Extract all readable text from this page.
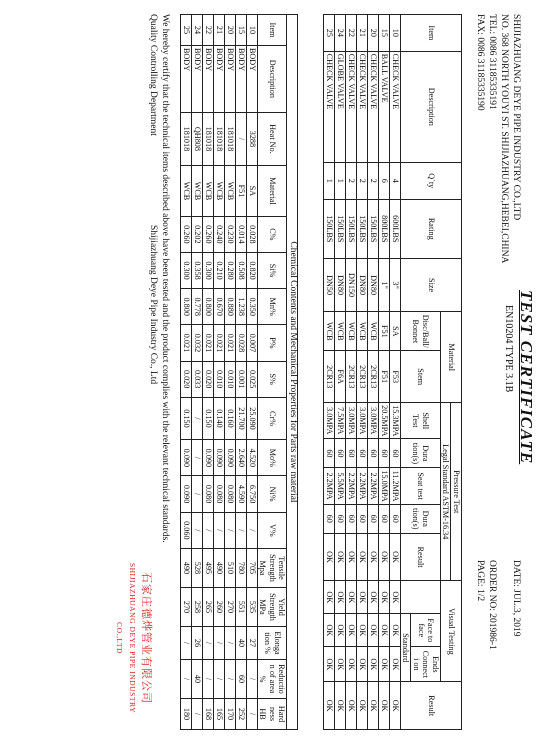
TEST CERTIFICATE
EN10204 TYPE 3.1B
SHIJIAZHUANG DEYE PIPE INDUSTRY CO.,LTD
NO. 368 NORTH YOUYI ST. SHIJIAZHUANG,HEBEI,CHINA
TEL: 0086 31185335191
FAX: 0086 31185335190
DATE: JUL.3, 2019
ORDER NO: 201986-1
PAGE: 1/2
Item	Description	Q`ty	Rating	Size	Material		Pressure Test					Visual Testing			Result
							Legal Standard ASTM-16.34								
					Disc/Ball/ Bonnet	Stem	Shell Test	Dura tion(s)	Seat test	Dura tion(s)	Result		Face to face	Ends Connect i on	
													Standard		
10	CHECK VALVE	4	600LBS	3"	SA	F53	15.3MPA	60	11.2MPA	60	OK	OK	OK	OK	OK
15	BALL VALVE	6	800LBS	1"	F51	F51	20.5MPA	60	15.0MPA	60	OK	OK	OK	OK	OK
20	CHECK VALVE	2	150LBS	DN80	WCB	2CR13	3.0MPA	60	2.2MPA	60	OK	OK	OK	OK	OK
21	CHECK VALVE	2	150LBS	DN80	WCB	2CR13	3.0MPA	60	2.2MPA	60	OK	OK	OK	OK	OK
22	CHECK VALVE	2	150LBS	DN150	WCB	2CR13	3.0MPA	60	2.2MPA	60	OK	OK	OK	OK	OK
24	GLOBE VALVE	1	150LBS	DN80	WCB	F6A	7.5MPA	60	5.5MPA	60	OK	OK	OK	OK	OK
25	CHECK VALVE	1	150LBS	DN50	WCB	2CR13	3.0MPA	60	2.2MPA	60	OK	OK	OK	OK	OK
Chemical Contents and Mechanical Properties for Parts raw material																	
Item	Description	Heat No.	Material	C%	Si%	Mn%	P%	S%	Cr%	Mo%	Ni%	V%	Tensile Strength Mpa	Yield Strength MPa	Elonga tion %	Reductio n of area %	Hard ness HB
10	BODY	3288	SA	0.028	0.820	0.350	0.007	0.025	25.090	4.520	6.750	/	705	535	27	/	/
15	BODY	/	F51	0.014	0.508	1.238	0.028	0.001	21.700	2.640	4.590	/	780	551	40	60	252
20	BODY	181018	WCB	0.230	0.280	0.880	0.021	0.010	0.160	0.090	0.080	/	510	270	/	/	170
21	BODY	181018	WCB	0.240	0.210	0.670	0.021	0.010	0.140	0.090	0.080	/	490	260	/	/	165
22	BODY	181018	WCB	0.260	0.300	0.800	0.021	0.020	0.150	0.090	0.080	/	495	265	/	/	168
24	BODY	QH808	WCB	0.202	0.358	0.778	0.032	0.033	/	/	/	/	528	258	26	40	/
25	BODY	181018	WCB	0.260	0.300	0.800	0.021	0.020	0.150	0.090	0.090	0.060	490	270	/	/	180
We hereby certify that the technical items described above have been tested and the product complies with the relevant technical standards.
Quality Controlling Department
Shijiazhuang Deye Pipe Industry Co., Ltd
石家庄德烨管业有限公司
SHIJIAZHUANG DEYE PIPE INDUSTRY CO.,LTD
